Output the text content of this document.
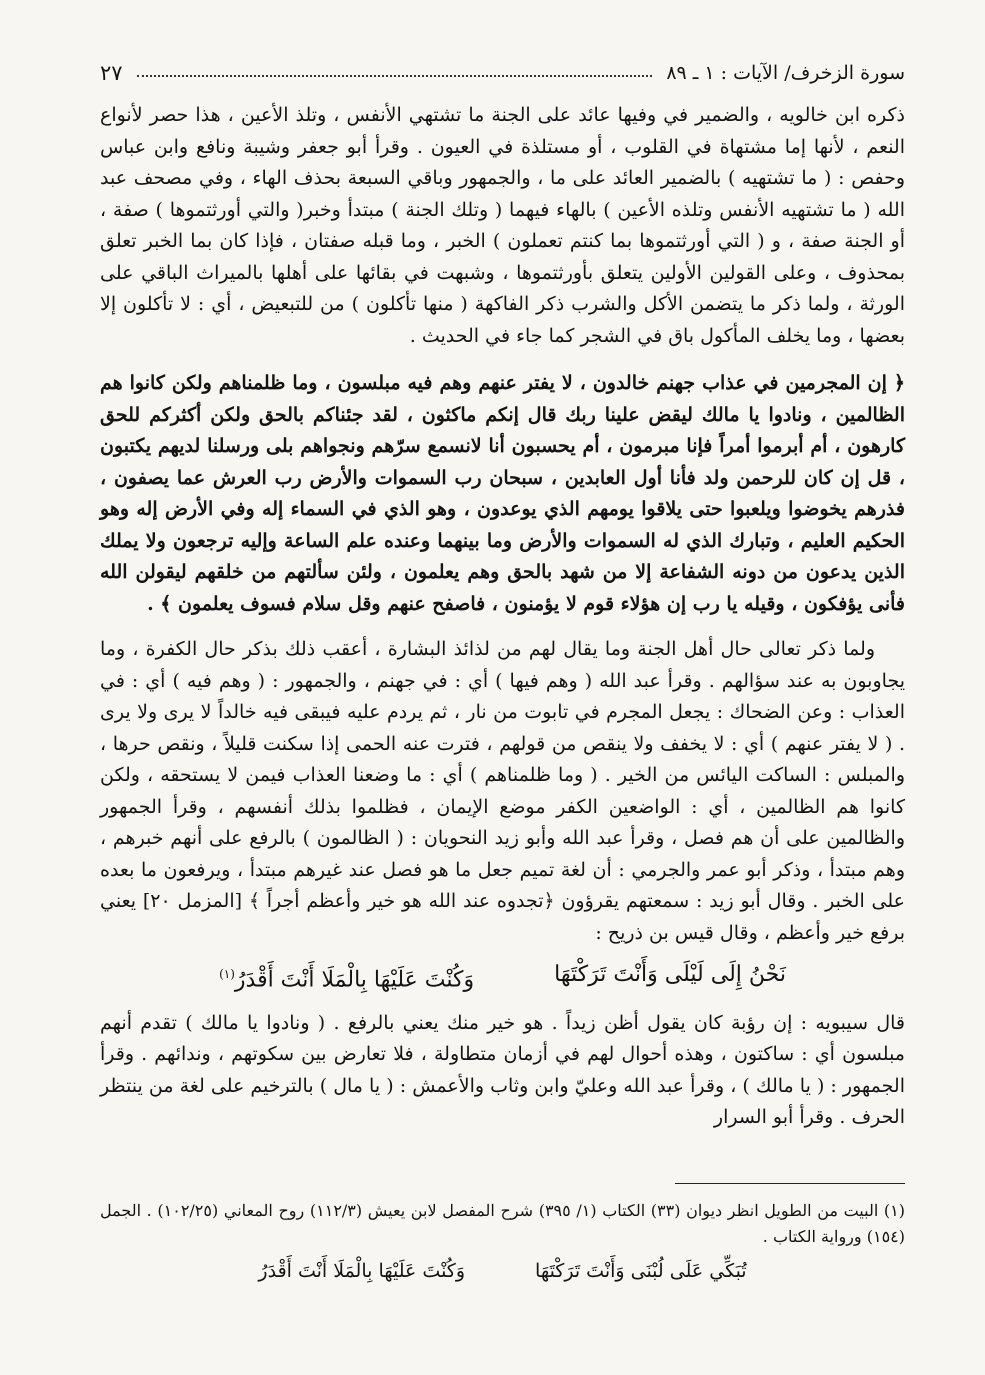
سورة الزخرف/ الآيات : ١ ـ ٨٩
٢٧

ذكره ابن خالويه ، والضمير في وفيها عائد على الجنة ما تشتهي الأنفس ، وتلذ الأعين ، هذا حصر لأنواع النعم ، لأنها إما مشتهاة في القلوب ، أو مستلذة في العيون . وقرأ أبو جعفر وشيبة ونافع وابن عباس وحفص : ( ما تشتهيه ) بالضمير العائد على ما ، والجمهور وباقي السبعة بحذف الهاء ، وفي مصحف عبد الله ( ما تشتهيه الأنفس وتلذه الأعين ) بالهاء فيهما ( وتلك الجنة ) مبتدأ وخبر( والتي أورثتموها ) صفة ، أو الجنة صفة ، و ( التي أورثتموها بما كنتم تعملون ) الخبر ، وما قبله صفتان ، فإذا كان بما الخبر تعلق بمحذوف ، وعلى القولين الأولين يتعلق بأورثتموها ، وشبهت في بقائها على أهلها بالميراث الباقي على الورثة ، ولما ذكر ما يتضمن الأكل والشرب ذكر الفاكهة ( منها تأكلون ) من للتبعيض ، أي : لا تأكلون إلا بعضها ، وما يخلف المأكول باق في الشجر كما جاء في الحديث .

﴿ إن المجرمين في عذاب جهنم خالدون ، لا يفتر عنهم وهم فيه مبلسون ، وما ظلمناهم ولكن كانوا هم الظالمين ، ونادوا يا مالك ليقض علينا ربك قال إنكم ماكثون ، لقد جئناكم بالحق ولكن أكثركم للحق كارهون ، أم أبرموا أمراً فإنا مبرمون ، أم يحسبون أنا لانسمع سرّهم ونجواهم بلى ورسلنا لديهم يكتبون ، قل إن كان للرحمن ولد فأنا أول العابدين ، سبحان رب السموات والأرض رب العرش عما يصفون ، فذرهم يخوضوا ويلعبوا حتى يلاقوا يومهم الذي يوعدون ، وهو الذي في السماء إله وفي الأرض إله وهو الحكيم العليم ، وتبارك الذي له السموات والأرض وما بينهما وعنده علم الساعة وإليه ترجعون ولا يملك الذين يدعون من دونه الشفاعة إلا من شهد بالحق وهم يعلمون ، ولئن سألتهم من خلقهم ليقولن الله فأنى يؤفكون ، وقيله يا رب إن هؤلاء قوم لا يؤمنون ، فاصفح عنهم وقل سلام فسوف يعلمون ﴾ .

ولما ذكر تعالى حال أهل الجنة وما يقال لهم من لذائذ البشارة ، أعقب ذلك بذكر حال الكفرة ، وما يجاوبون به عند سؤالهم . وقرأ عبد الله ( وهم فيها ) أي : في جهنم ، والجمهور : ( وهم فيه ) أي : في العذاب : وعن الضحاك : يجعل المجرم في تابوت من نار ، ثم يردم عليه فيبقى فيه خالداً لا يرى ولا يرى . ( لا يفتر عنهم ) أي : لا يخفف ولا ينقص من قولهم ، فترت عنه الحمى إذا سكنت قليلاً ، ونقص حرها ، والمبلس : الساكت اليائس من الخير . ( وما ظلمناهم ) أي : ما وضعنا العذاب فيمن لا يستحقه ، ولكن كانوا هم الظالمين ، أي : الواضعين الكفر موضع الإيمان ، فظلموا بذلك أنفسهم ، وقرأ الجمهور والظالمين على أن هم فصل ، وقرأ عبد الله وأبو زيد النحويان : ( الظالمون ) بالرفع على أنهم خبرهم ، وهم مبتدأ ، وذكر أبو عمر والجرمي : أن لغة تميم جعل ما هو فصل عند غيرهم مبتدأ ، ويرفعون ما بعده على الخبر . وقال أبو زيد : سمعتهم يقرؤون ﴿تجدوه عند الله هو خير وأعظم أجراً ﴾ [المزمل ٢٠] يعني برفع خير وأعظم ، وقال قيس بن ذريح :

نَحْنُ إِلَى لَيْلَى وَأَنْتَ تَرَكْتَهَا
وَكُنْتَ عَلَيْهَا بِالْمَلَا أَنْتَ أَقْدَرُ$^{(١)}$

قال سيبويه : إن رؤبة كان يقول أظن زيداً . هو خير منك يعني بالرفع . ( ونادوا يا مالك ) تقدم أنهم مبلسون أي : ساكتون ، وهذه أحوال لهم في أزمان متطاولة ، فلا تعارض بين سكوتهم ، وندائهم . وقرأ الجمهور : ( يا مالك ) ، وقرأ عبد الله وعليّ وابن وثاب والأعمش : ( يا مال ) بالترخيم على لغة من ينتظر الحرف . وقرأ أبو السرار

(١) البيت من الطويل انظر ديوان (٣٣) الكتاب (١/ ٣٩٥) شرح المفصل لابن يعيش (١١٢/٣) روح المعاني (١٠٢/٢٥) . الجمل (١٥٤) ورواية الكتاب .

تُبَكِّي عَلَى لُبْنَى وَأَنْتَ تَرَكْتَهَا
وَكُنْتَ عَلَيْهَا بِالْمَلَا أَنْتَ أَقْدَرُ
